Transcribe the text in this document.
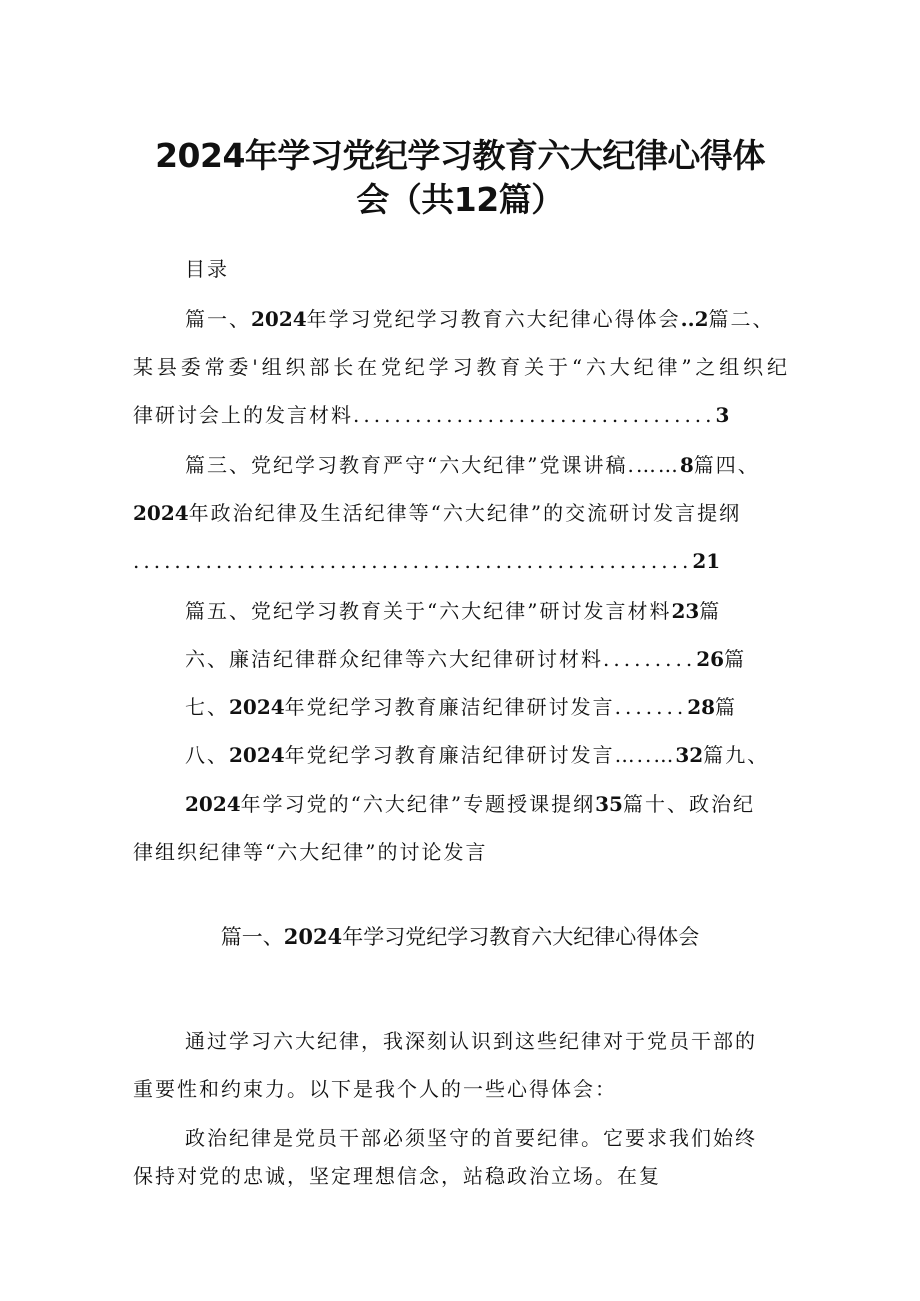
2024年学习党纪学习教育六大纪律心得体
会（共12篇）
目录
篇一、2024年学习党纪学习教育六大纪律心得体会..2篇二、
某县委常委'组织部长在党纪学习教育关于“六大纪律”之组织纪
律研讨会上的发言材料...................................3
篇三、党纪学习教育严守“六大纪律”党课讲稿.……8篇四、
2024年政治纪律及生活纪律等“六大纪律”的交流研讨发言提纲
......................................................21
篇五、党纪学习教育关于“六大纪律”研讨发言材料23篇
六、廉洁纪律群众纪律等六大纪律研讨材料.........26篇
七、2024年党纪学习教育廉洁纪律研讨发言.......28篇
八、2024年党纪学习教育廉洁纪律研讨发言…..…32篇九、
2024年学习党的“六大纪律”专题授课提纲35篇十、政治纪
律组织纪律等“六大纪律”的讨论发言
篇一、2024年学习党纪学习教育六大纪律心得体会
通过学习六大纪律，我深刻认识到这些纪律对于党员干部的
重要性和约束力。以下是我个人的一些心得体会：
政治纪律是党员干部必须坚守的首要纪律。它要求我们始终
保持对党的忠诚，坚定理想信念，站稳政治立场。在复
